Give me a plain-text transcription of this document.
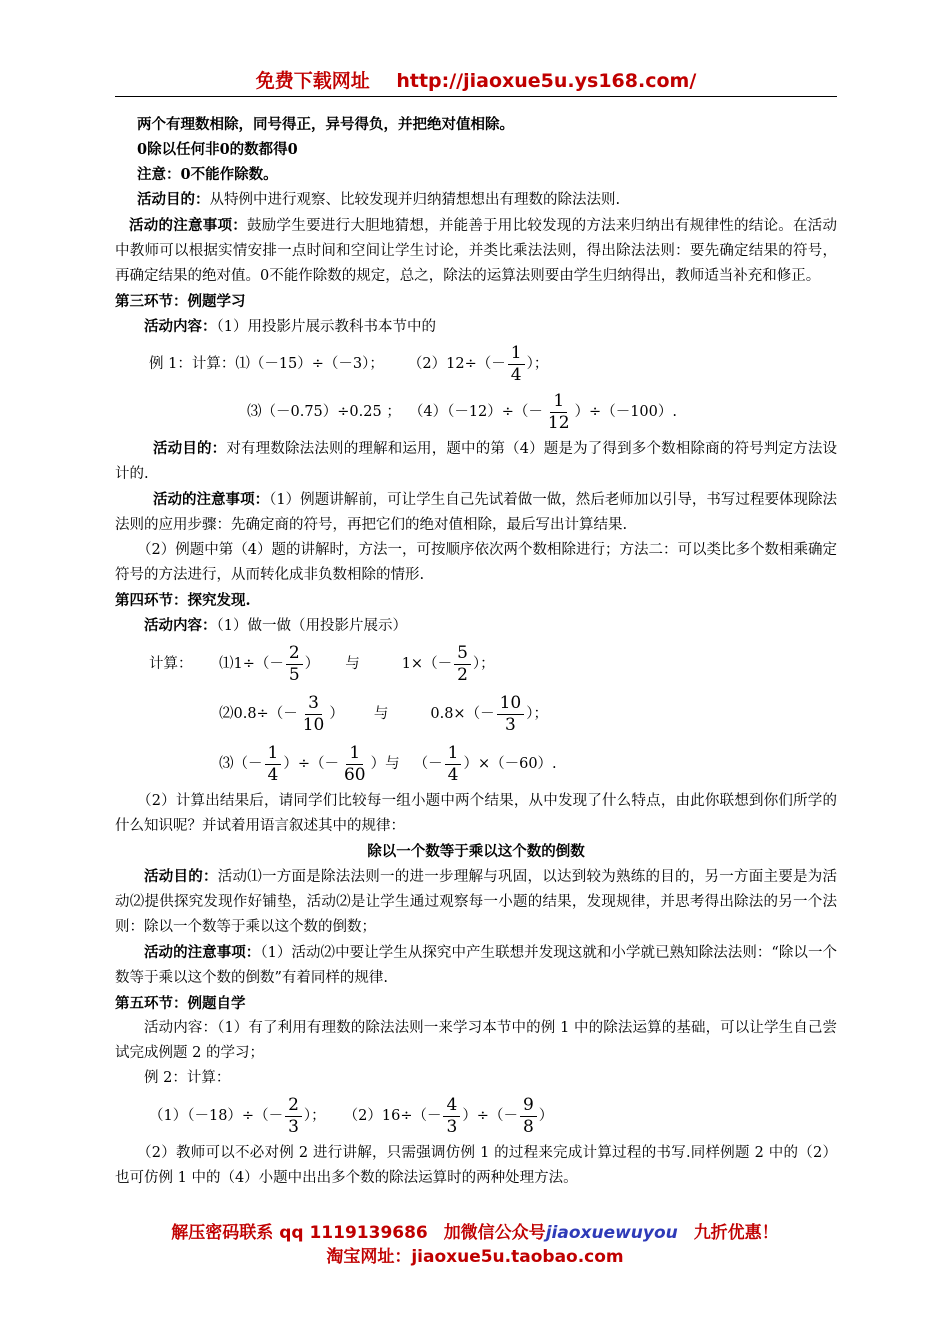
免费下载网址 http://jiaoxue5u.ys168.com/

两个有理数相除，同号得正，异号得负，并把绝对值相除。

0除以任何非0的数都得0

注意：0不能作除数。

活动目的：从特例中进行观察、比较发现并归纳猜想想出有理数的除法法则.

活动的注意事项：鼓励学生要进行大胆地猜想，并能善于用比较发现的方法来归纳出有规律性的结论。在活动中教师可以根据实情安排一点时间和空间让学生讨论，并类比乘法法则，得出除法法则：要先确定结果的符号，再确定结果的绝对值。0不能作除数的规定，总之，除法的运算法则要由学生归纳得出，教师适当补充和修正。

第三环节：例题学习

活动内容：（1）用投影片展示教科书本节中的

例 1：计算：⑴（－15）÷（－3）； $(2)12\div(- \frac{1}{4}$ ）；
⑶（－0.75）÷0.25 ； $(4)(-12)\div(- \frac{1}{12} )\div(-100)$.

活动目的：对有理数除法法则的理解和运用，题中的第（4）题是为了得到多个数相除商的符号判定方法设计的.

活动的注意事项：（1）例题讲解前，可让学生自己先试着做一做，然后老师加以引导，书写过程要体现除法法则的应用步骤：先确定商的符号，再把它们的绝对值相除，最后写出计算结果.

（2）例题中第（4）题的讲解时，方法一，可按顺序依次两个数相除进行；方法二：可以类比多个数相乘确定符号的方法进行，从而转化成非负数相除的情形.

第四环节：探究发现.

活动内容：（1）做一做（用投影片展示）

计算：	⑴1÷（－ $\frac{2}{5}$ ） 与	$1\times(- \frac{5}{2}$ ）；
⑵0.8÷（－ $\frac{3}{10}$ ） 与	$0.8\times(- \frac{10}{3}$ ）；
⑶（－ $\frac{1}{4}$ ）÷（－ $\frac{1}{60}$ ）与 （－ $\frac{1}{4} )\times(-60)$.

（2）计算出结果后，请同学们比较每一组小题中两个结果，从中发现了什么特点，由此你联想到你们所学的什么知识呢？并试着用语言叙述其中的规律：

除以一个数等于乘以这个数的倒数

活动目的：活动⑴一方面是除法法则一的进一步理解与巩固，以达到较为熟练的目的，另一方面主要是为活动⑵提供探究发现作好铺垫，活动⑵是让学生通过观察每一小题的结果，发现规律，并思考得出除法的另一个法则：除以一个数等于乘以这个数的倒数；

活动的注意事项：（1）活动⑵中要让学生从探究中产生联想并发现这就和小学就已熟知除法法则：“除以一个数等于乘以这个数的倒数”有着同样的规律.

第五环节：例题自学

活动内容：（1）有了利用有理数的除法法则一来学习本节中的例 1 中的除法运算的基础，可以让学生自己尝试完成例题 2 的学习；

例 2：计算：

$(1)(-18)\div(- \frac{2}{3}$ ）； $(2)16\div(- \frac{4}{3}$ ）÷（－ $\frac{9}{8}$ ）

（2）教师可以不必对例 2 进行讲解，只需强调仿例 1 的过程来完成计算过程的书写.同样例题 2 中的（2）也可仿例 1 中的（4）小题中出出多个数的除法运算时的两种处理方法。

解压密码联系 qq 1119139686 加微信公众号jiaoxuewuyou 九折优惠！
淘宝网址：jiaoxue5u.taobao.com
